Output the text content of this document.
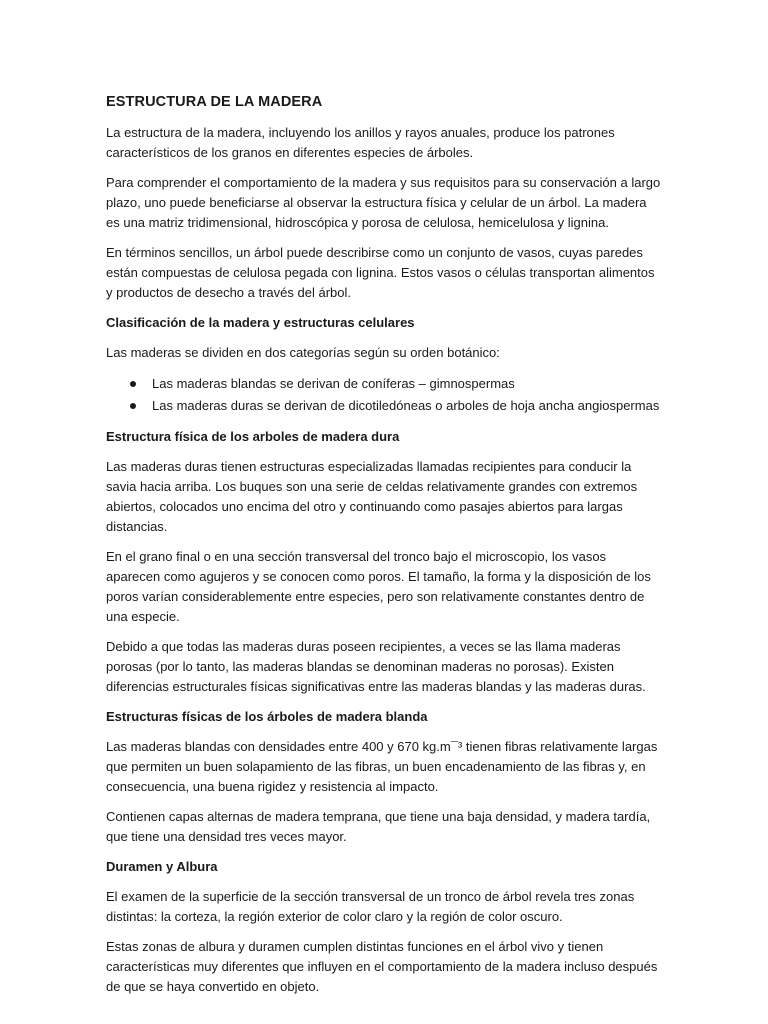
ESTRUCTURA DE LA MADERA

La estructura de la madera, incluyendo los anillos y rayos anuales, produce los patrones característicos de los granos en diferentes especies de árboles.

Para comprender el comportamiento de la madera y sus requisitos para su conservación a largo plazo, uno puede beneficiarse al observar la estructura física y celular de un árbol. La madera es una matriz tridimensional, hidroscópica y porosa de celulosa, hemicelulosa y lignina.

En términos sencillos, un árbol puede describirse como un conjunto de vasos, cuyas paredes están compuestas de celulosa pegada con lignina. Estos vasos o células transportan alimentos y productos de desecho a través del árbol.

Clasificación de la madera y estructuras celulares

Las maderas se dividen en dos categorías según su orden botánico:

Las maderas blandas se derivan de coníferas – gimnospermas
Las maderas duras se derivan de dicotiledóneas o arboles de hoja ancha angiospermas
Estructura física de los arboles de madera dura

Las maderas duras tienen estructuras especializadas llamadas recipientes para conducir la savia hacia arriba. Los buques son una serie de celdas relativamente grandes con extremos abiertos, colocados uno encima del otro y continuando como pasajes abiertos para largas distancias.

En el grano final o en una sección transversal del tronco bajo el microscopio, los vasos aparecen como agujeros y se conocen como poros. El tamaño, la forma y la disposición de los poros varían considerablemente entre especies, pero son relativamente constantes dentro de una especie.

Debido a que todas las maderas duras poseen recipientes, a veces se las llama maderas porosas (por lo tanto, las maderas blandas se denominan maderas no porosas). Existen diferencias estructurales físicas significativas entre las maderas blandas y las maderas duras.

Estructuras físicas de los árboles de madera blanda

Las maderas blandas con densidades entre 400 y 670 kg.m¯³ tienen fibras relativamente largas que permiten un buen solapamiento de las fibras, un buen encadenamiento de las fibras y, en consecuencia, una buena rigidez y resistencia al impacto.

Contienen capas alternas de madera temprana, que tiene una baja densidad, y madera tardía, que tiene una densidad tres veces mayor.

Duramen y Albura

El examen de la superficie de la sección transversal de un tronco de árbol revela tres zonas distintas: la corteza, la región exterior de color claro y la región de color oscuro.

Estas zonas de albura y duramen cumplen distintas funciones en el árbol vivo y tienen características muy diferentes que influyen en el comportamiento de la madera incluso después de que se haya convertido en objeto.
